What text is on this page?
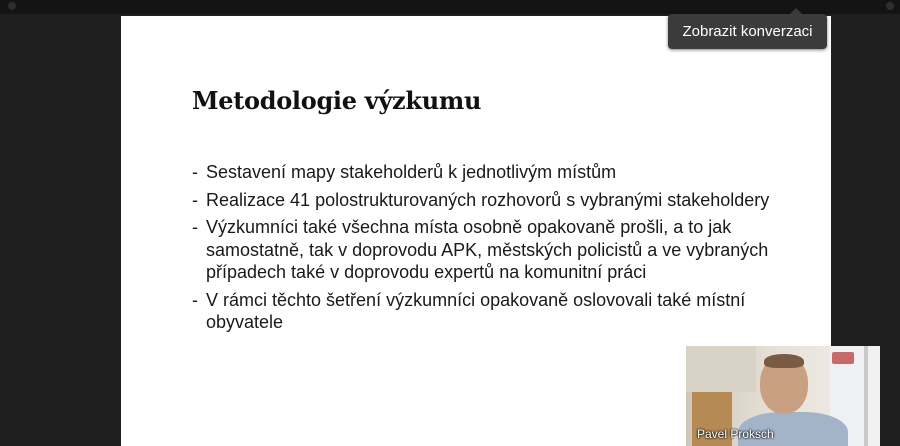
Metodologie výzkumu
- Sestavení mapy stakeholderů k jednotlivým místům
- Realizace 41 polostrukturovaných rozhovorů s vybranými stakeholdery
- Výzkumníci také všechna místa osobně opakovaně prošli, a to jak samostatně, tak v doprovodu APK, městských policistů a ve vybraných případech také v doprovodu expertů na komunitní práci
- V rámci těchto šetření výzkumníci opakovaně oslovovali také místní obyvatele
Zobrazit konverzaci

Pavel Proksch
